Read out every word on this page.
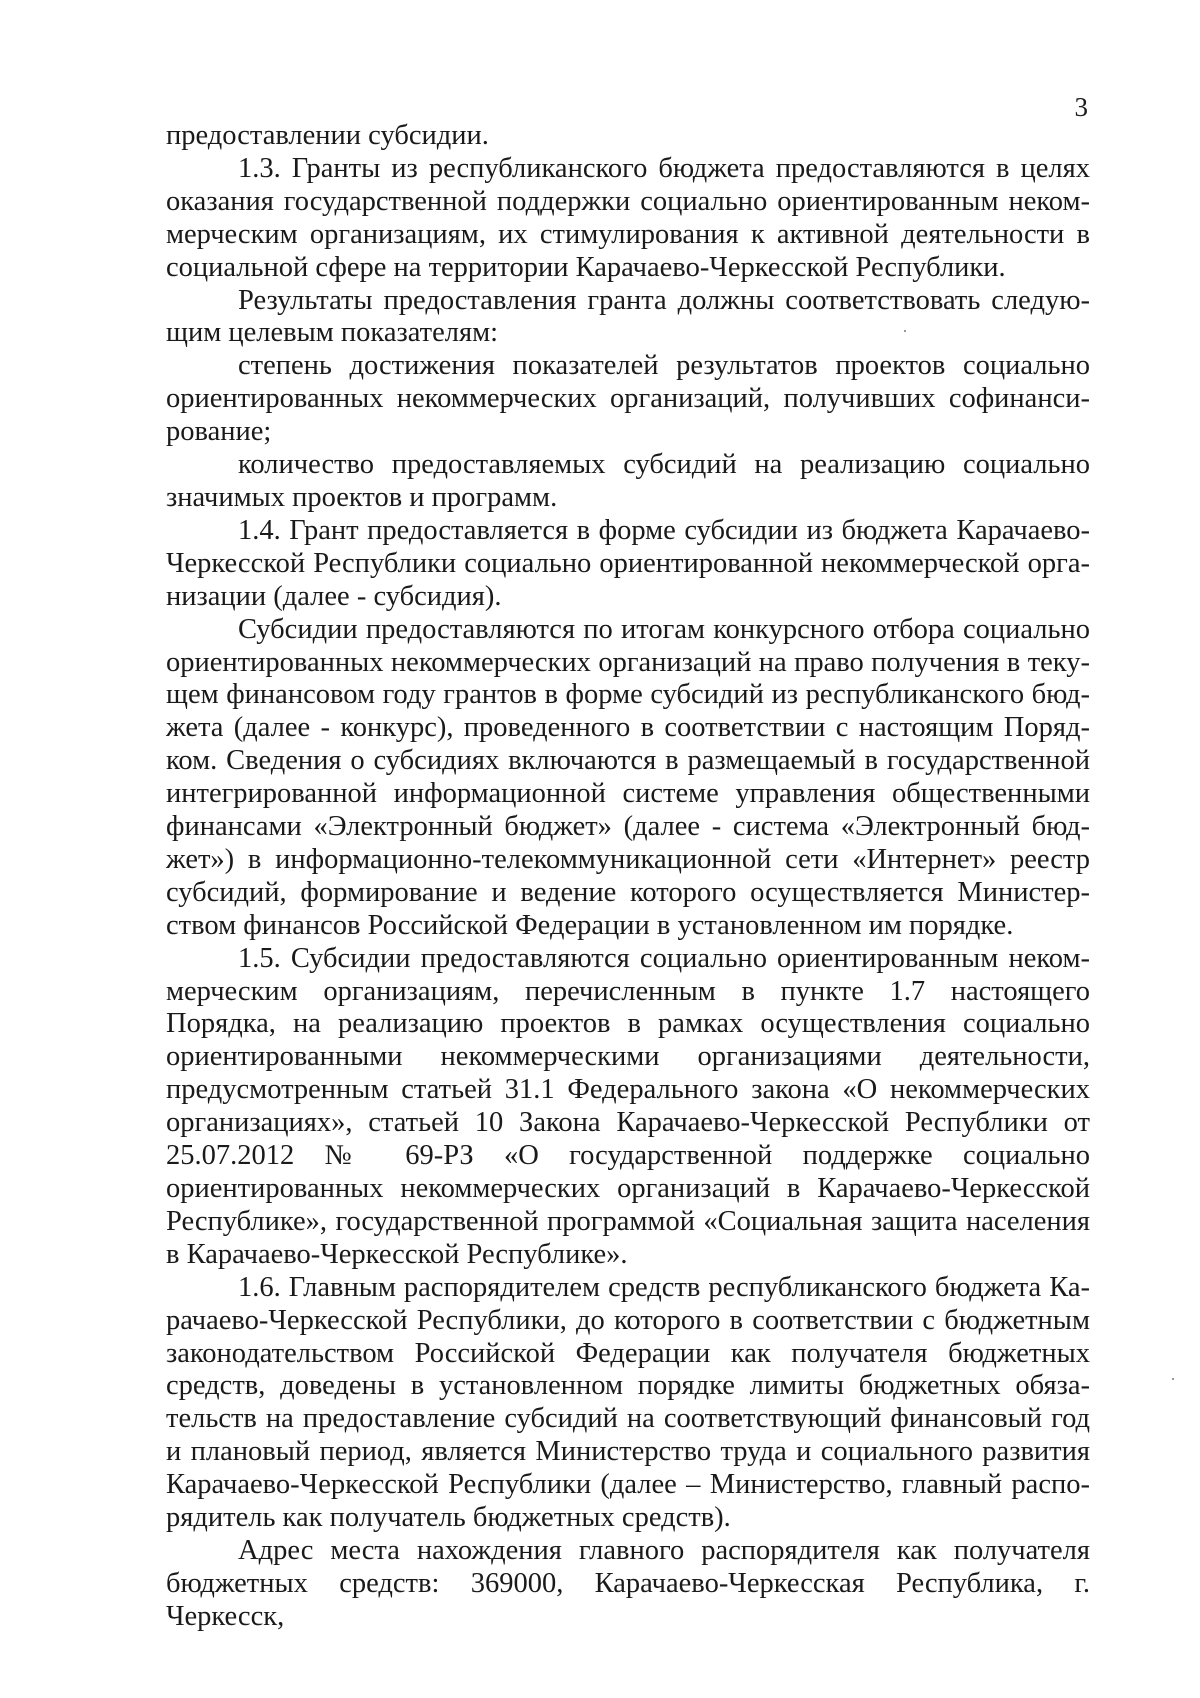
3

предоставлении субсидии.

1.3. Гранты из республиканского бюджета предоставляются в целях оказания государственной поддержки социально ориентированным некоммерческим организациям, их стимулирования к активной деятельности в социальной сфере на территории Карачаево-Черкесской Республики.

Результаты предоставления гранта должны соответствовать следующим целевым показателям:

степень достижения показателей результатов проектов социально ориентированных некоммерческих организаций, получивших софинансирование;

количество предоставляемых субсидий на реализацию социально значимых проектов и программ.

1.4. Грант предоставляется в форме субсидии из бюджета Карачаево-Черкесской Республики социально ориентированной некоммерческой организации (далее - субсидия).

Субсидии предоставляются по итогам конкурсного отбора социально ориентированных некоммерческих организаций на право получения в текущем финансовом году грантов в форме субсидий из республиканского бюджета (далее - конкурс), проведенного в соответствии с настоящим Порядком. Сведения о субсидиях включаются в размещаемый в государственной интегрированной информационной системе управления общественными финансами «Электронный бюджет» (далее - система «Электронный бюджет») в информационно-телекоммуникационной сети «Интернет» реестр субсидий, формирование и ведение которого осуществляется Министерством финансов Российской Федерации в установленном им порядке.

1.5. Субсидии предоставляются социально ориентированным некоммерческим организациям, перечисленным в пункте 1.7 настоящего Порядка, на реализацию проектов в рамках осуществления социально ориентированными некоммерческими организациями деятельности, предусмотренным статьей 31.1 Федерального закона «О некоммерческих организациях», статьей 10 Закона Карачаево-Черкесской Республики от 25.07.2012 № 69-РЗ «О государственной поддержке социально ориентированных некоммерческих организаций в Карачаево-Черкесской Республике», государственной программой «Социальная защита населения в Карачаево-Черкесской Республике».

1.6. Главным распорядителем средств республиканского бюджета Карачаево-Черкесской Республики, до которого в соответствии с бюджетным законодательством Российской Федерации как получателя бюджетных средств, доведены в установленном порядке лимиты бюджетных обязательств на предоставление субсидий на соответствующий финансовый год и плановый период, является Министерство труда и социального развития Карачаево-Черкесской Республики (далее – Министерство, главный распорядитель как получатель бюджетных средств).

Адрес места нахождения главного распорядителя как получателя бюджетных средств: 369000, Карачаево-Черкесская Республика, г. Черкесск,
